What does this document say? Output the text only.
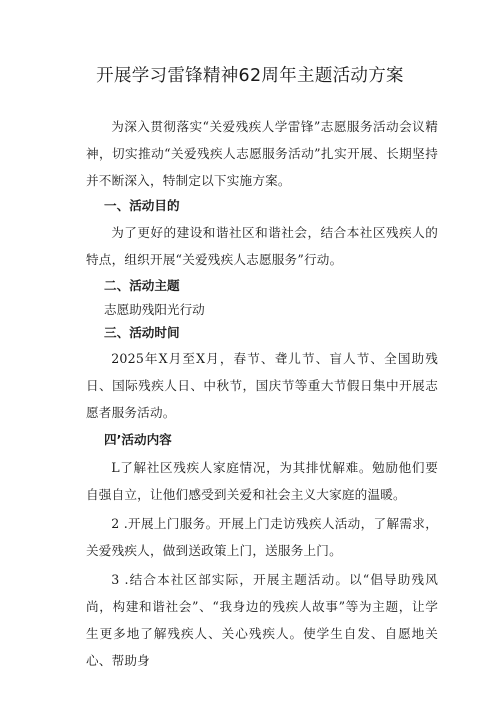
开展学习雷锋精神62周年主题活动方案

为深入贯彻落实“关爱残疾人学雷锋”志愿服务活动会议精神，切实推动“关爱残疾人志愿服务活动”扎实开展、长期坚持并不断深入，特制定以下实施方案。

一、活动目的

为了更好的建设和谐社区和谐社会，结合本社区残疾人的特点，组织开展“关爱残疾人志愿服务”行动。

二、活动主题
志愿助残阳光行动
三、活动时间

2025年X月至X月，春节、聋儿节、盲人节、全国助残日、国际残疾人日、中秋节，国庆节等重大节假日集中开展志愿者服务活动。

四’活动内容

L了解社区残疾人家庭情况，为其排忧解难。勉励他们要自强自立，让他们感受到关爱和社会主义大家庭的温暖。

2 .开展上门服务。开展上门走访残疾人活动，了解需求，关爱残疾人，做到送政策上门，送服务上门。

3 .结合本社区部实际，开展主题活动。以“倡导助残风尚，构建和谐社会”、“我身边的残疾人故事”等为主题，让学生更多地了解残疾人、关心残疾人。使学生自发、自愿地关心、帮助身
